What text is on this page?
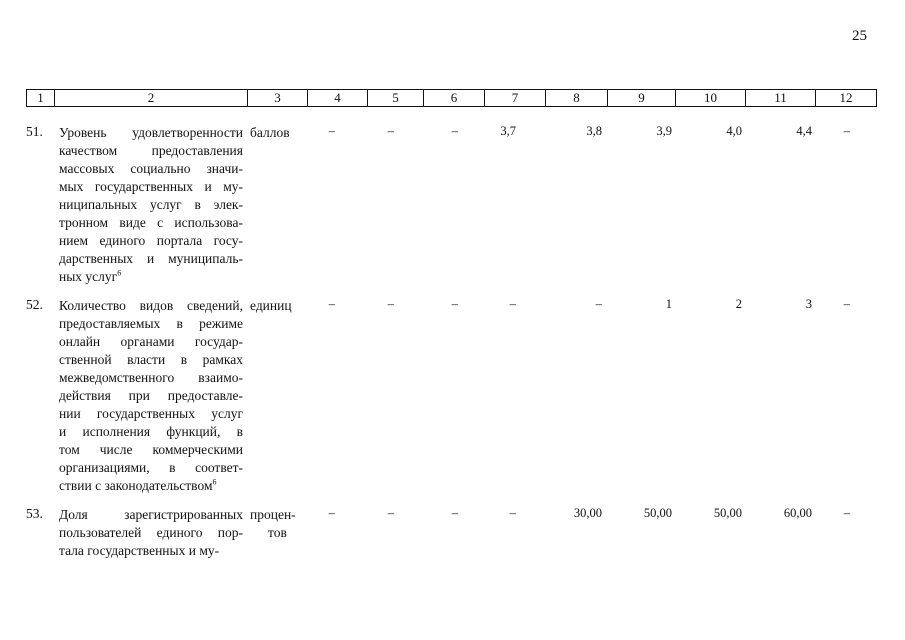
25
1	2	3	4	5	6	7	8	9	10	11	12
51. Уровень удовлетворенности
качеством предоставления
массовых социально значи-
мых государственных и му-
ниципальных услуг в элек-
тронном виде с использова-
нием единого портала госу-
дарственных и муниципаль-
ных услуг$^6$
баллов	–	–	–	3,7	3,8	3,9	4,0	4,4	–
52. Количество видов сведений,
предоставляемых в режиме
онлайн органами государ-
ственной власти в рамках
межведомственного взаимо-
действия при предоставле-
нии государственных услуг
и исполнения функций, в
том числе коммерческими
организациями, в соответ-
ствии с законодательством$^6$
единиц	–	–	–	–	–	1	2	3	–
53. Доля зарегистрированных
пользователей единого пор-
тала государственных и му-
процен-
тов
–	–	–	–	30,00	50,00	50,00	60,00	–
